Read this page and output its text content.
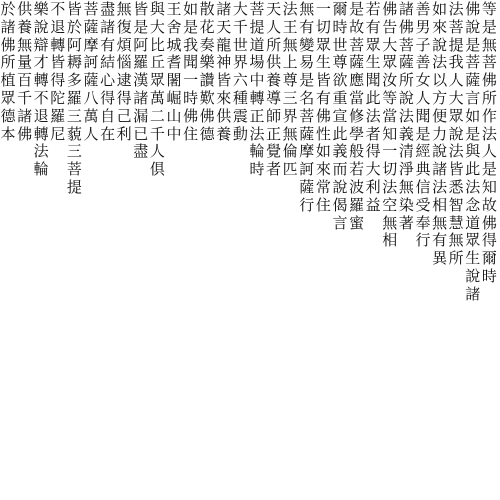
等是無菩佛所作法人是知故佛得爾時
佛說是菩薩言如是與此法念道眾生說諸
法菩提我人大眾說法皆悉智慧無所
如來說法以方便力說諸法相無有異
善男子善女人聞是經典信受奉行
諸佛菩薩所說法義清淨無染著
佛告大眾汝等當知一切法空無相
若有眾生聞此法者得大利益
是故菩薩應當修學般若波羅蜜
爾時世尊欲重宣此義而說偈言
一切眾生皆有佛性如來常住
無有變易是名菩薩摩訶薩行
法王無上尊三界無倫匹
天人所供養導師正覺者
菩提道場中轉正法輪時
大千世界六種震動
諸天龍神皆來供養
散花奏樂讚歎佛德
如是我聞一時佛住
王舍城耆闍崛山中
與大比丘眾萬二千人俱
皆是阿羅漢諸漏已盡
無復煩惱逮得己利
盡諸有結心得自在
菩薩摩訶薩八萬人
皆於阿耨多羅三藐三菩提
不退轉皆得陀羅尼
樂說辯才轉不退轉法輪
供養無量百千諸佛
於諸佛所植眾德本
